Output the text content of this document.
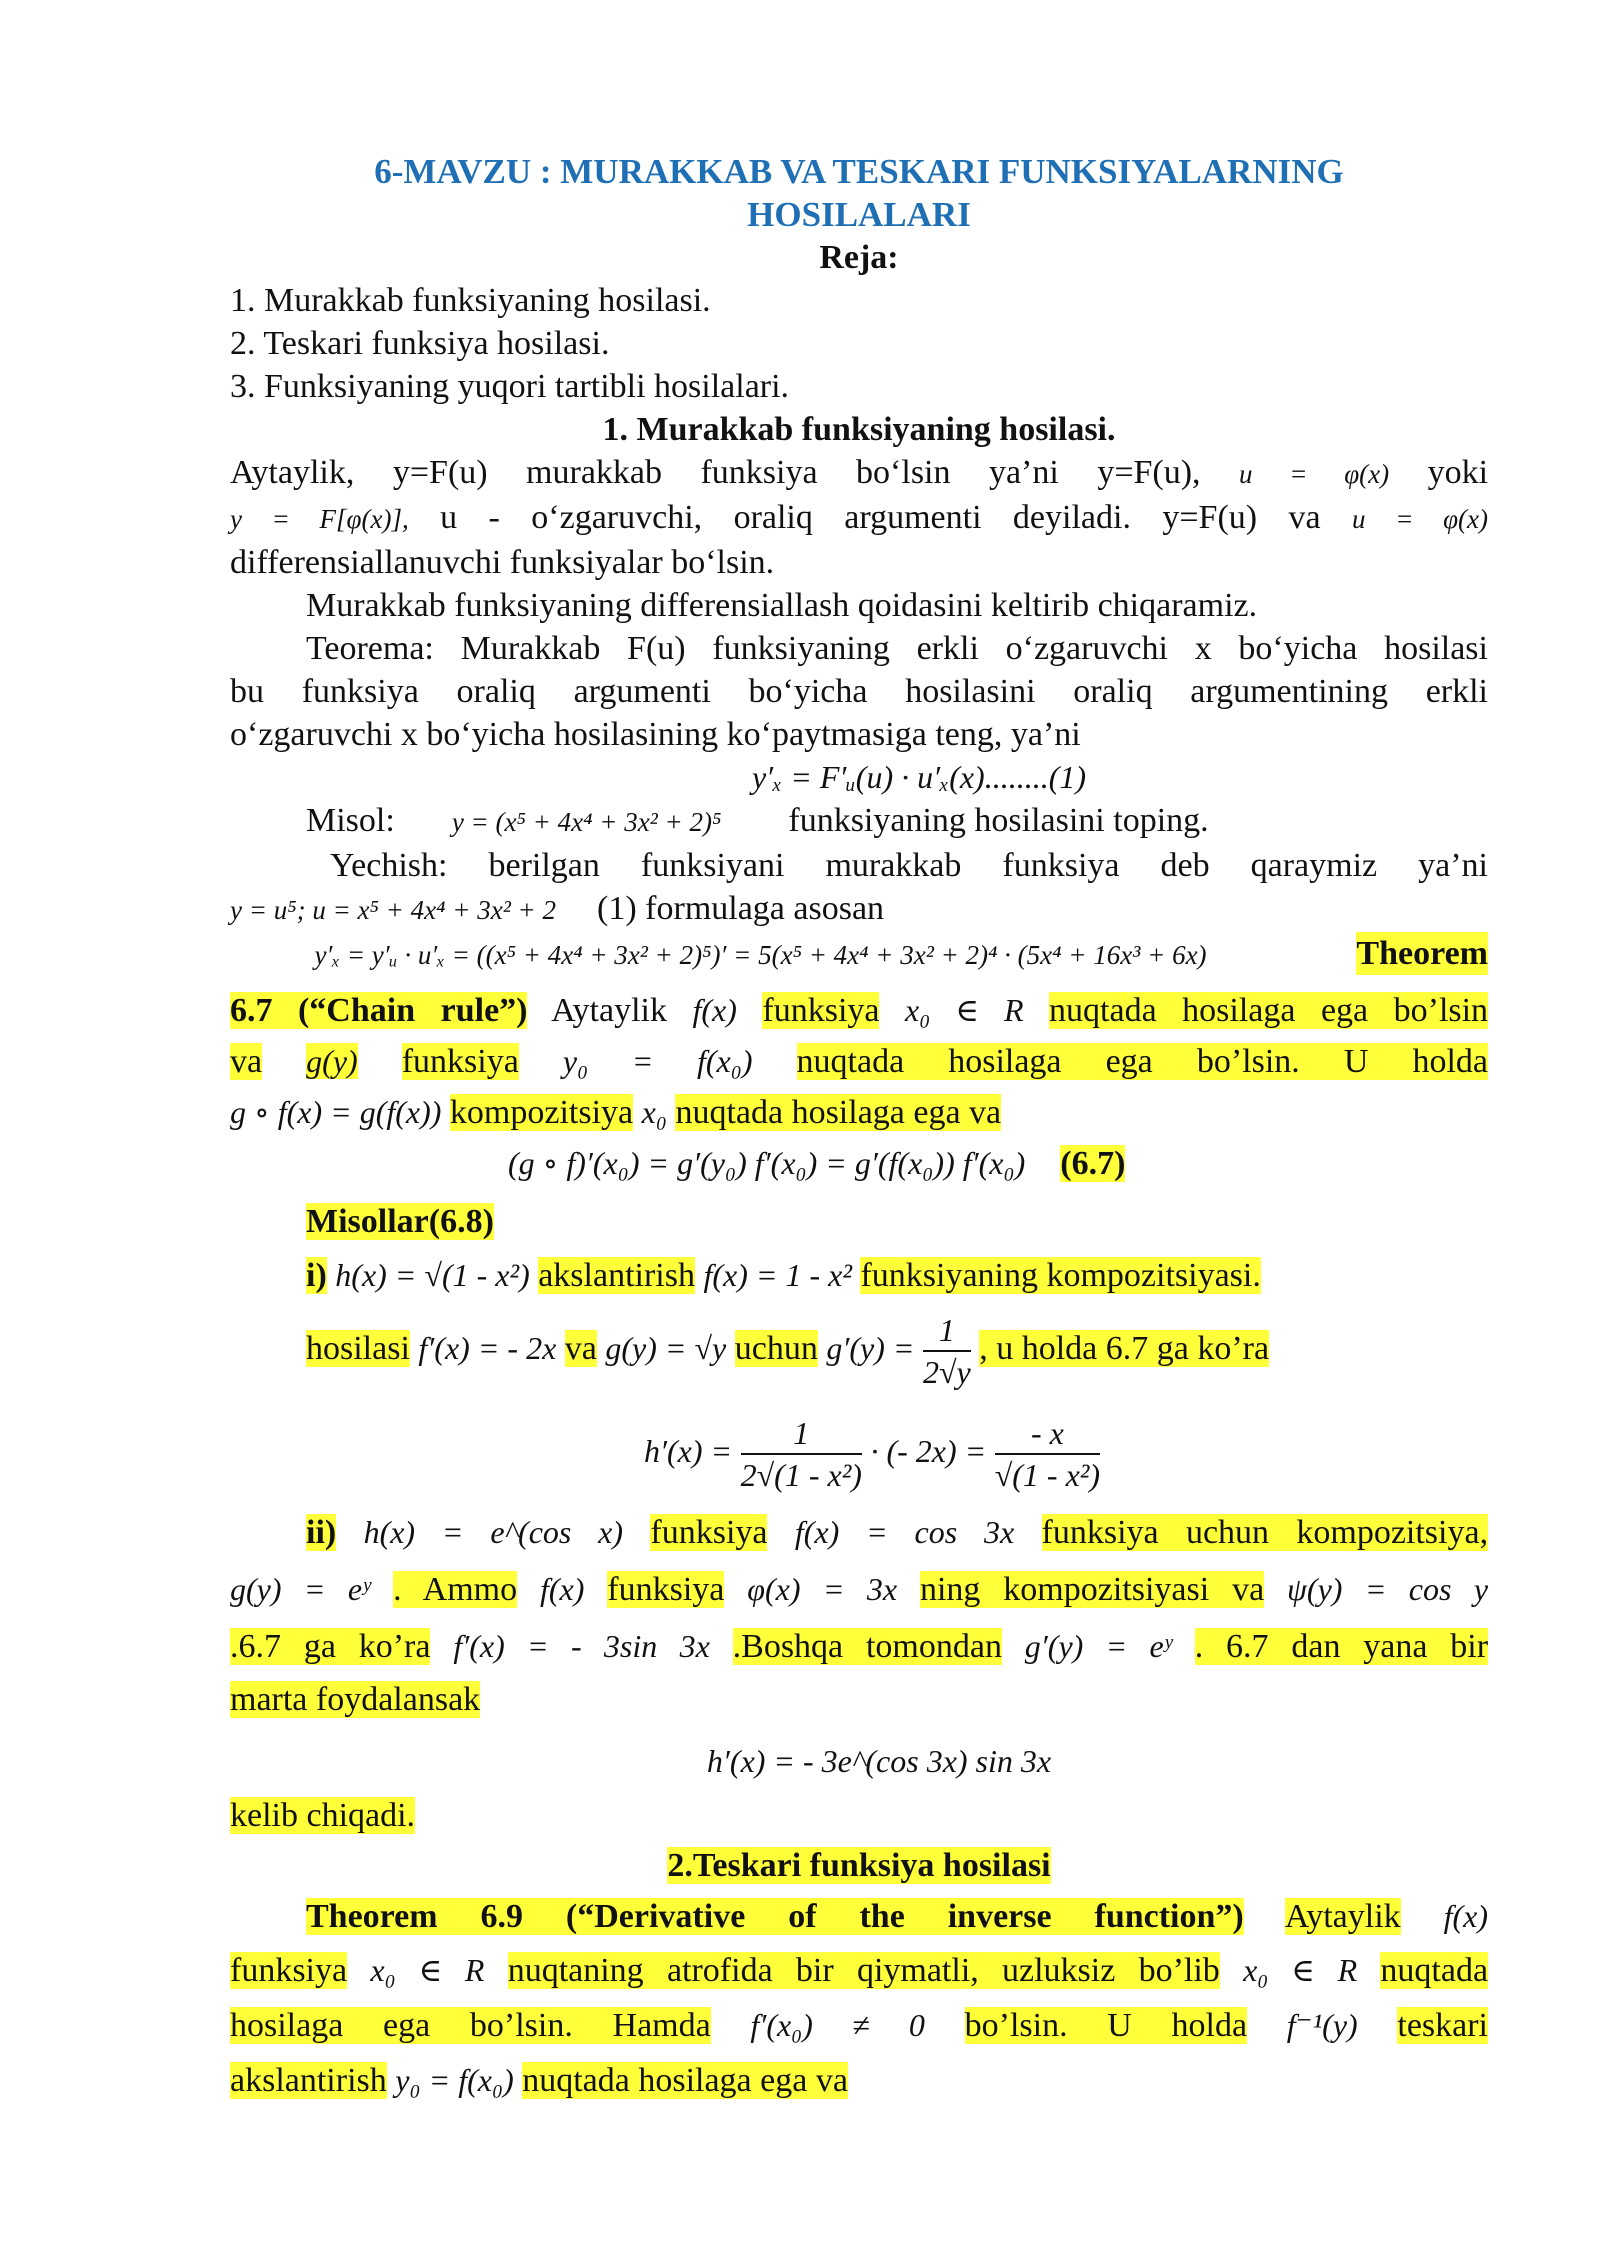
6-MAVZU : MURAKKAB VA TESKARI FUNKSIYALARNING
HOSILALARI
Reja:
1. Murakkab funksiyaning hosilasi.
2. Teskari funksiya hosilasi.
3. Funksiyaning yuqori tartibli hosilalari.
1. Murakkab funksiyaning hosilasi.
Aytaylik, y=F(u) murakkab funksiya bo‘lsin ya’ni y=F(u), u = φ(x) yoki
y = F[φ(x)], u - o‘zgaruvchi, oraliq argumenti deyiladi. y=F(u) va u = φ(x)
differensiallanuvchi funksiyalar bo‘lsin.
Murakkab funksiyaning differensiallash qoidasini keltirib chiqaramiz.
Teorema: Murakkab F(u) funksiyaning erkli o‘zgaruvchi x bo‘yicha hosilasi
bu funksiya oraliq argumenti bo‘yicha hosilasini oraliq argumentining erkli
o‘zgaruvchi x bo‘yicha hosilasining ko‘paytmasiga teng, ya’ni
y′ₓ = F′ᵤ(u) · u′ₓ(x)........(1)
Misol: y = (x⁵ + 4x⁴ + 3x² + 2)⁵ funksiyaning hosilasini toping.
Yechish: berilgan funksiyani murakkab funksiya deb qaraymiz ya’ni
y = u⁵; u = x⁵ + 4x⁴ + 3x² + 2 (1) formulaga asosan
y′ₓ = y′ᵤ · u′ₓ = ((x⁵ + 4x⁴ + 3x² + 2)⁵)′ = 5(x⁵ + 4x⁴ + 3x² + 2)⁴ · (5x⁴ + 16x³ + 6x)	Theorem
6.7 (“Chain rule”) Aytaylik f(x) funksiya x₀ ∈ R nuqtada hosilaga ega bo’lsin
va g(y) funksiya y₀ = f(x₀) nuqtada hosilaga ega bo’lsin. U holda
g ∘ f(x) = g(f(x)) kompozitsiya x₀ nuqtada hosilaga ega va
(g ∘ f)′(x₀) = g′(y₀) f′(x₀) = g′(f(x₀)) f′(x₀) (6.7)
Misollar(6.8)
i) h(x) = √(1 - x²) akslantirish f(x) = 1 - x² funksiyaning kompozitsiyasi.
hosilasi f′(x) = - 2x va g(y) = √y uchun $g'(y) = \frac{1}{2√y}$ , u holda 6.7 ga ko’ra
$h'(x) = \frac{1}{\text{2√(1 - x²)}}$ · (- $2x) = \frac{- x}{\text{√(1 - x²)}}$
ii) h(x) = e^(cos x) funksiya f(x) = cos 3x funksiya uchun kompozitsiya,
g(y) = eʸ . Ammo f(x) funksiya φ(x) = 3x ning kompozitsiyasi va ψ(y) = cos y
.6.7 ga ko’ra f′(x) = - 3sin 3x .Boshqa tomondan g′(y) = eʸ . 6.7 dan yana bir
marta foydalansak
h′(x) = - 3e^(cos 3x) sin 3x
kelib chiqadi.
2.Teskari funksiya hosilasi
Theorem 6.9 (“Derivative of the inverse function”) Aytaylik f(x)
funksiya x₀ ∈ R nuqtaning atrofida bir qiymatli, uzluksiz bo’lib x₀ ∈ R nuqtada
hosilaga ega bo’lsin. Hamda f′(x₀) ≠ 0 bo’lsin. U holda f⁻¹(y) teskari
akslantirish y₀ = f(x₀) nuqtada hosilaga ega va
